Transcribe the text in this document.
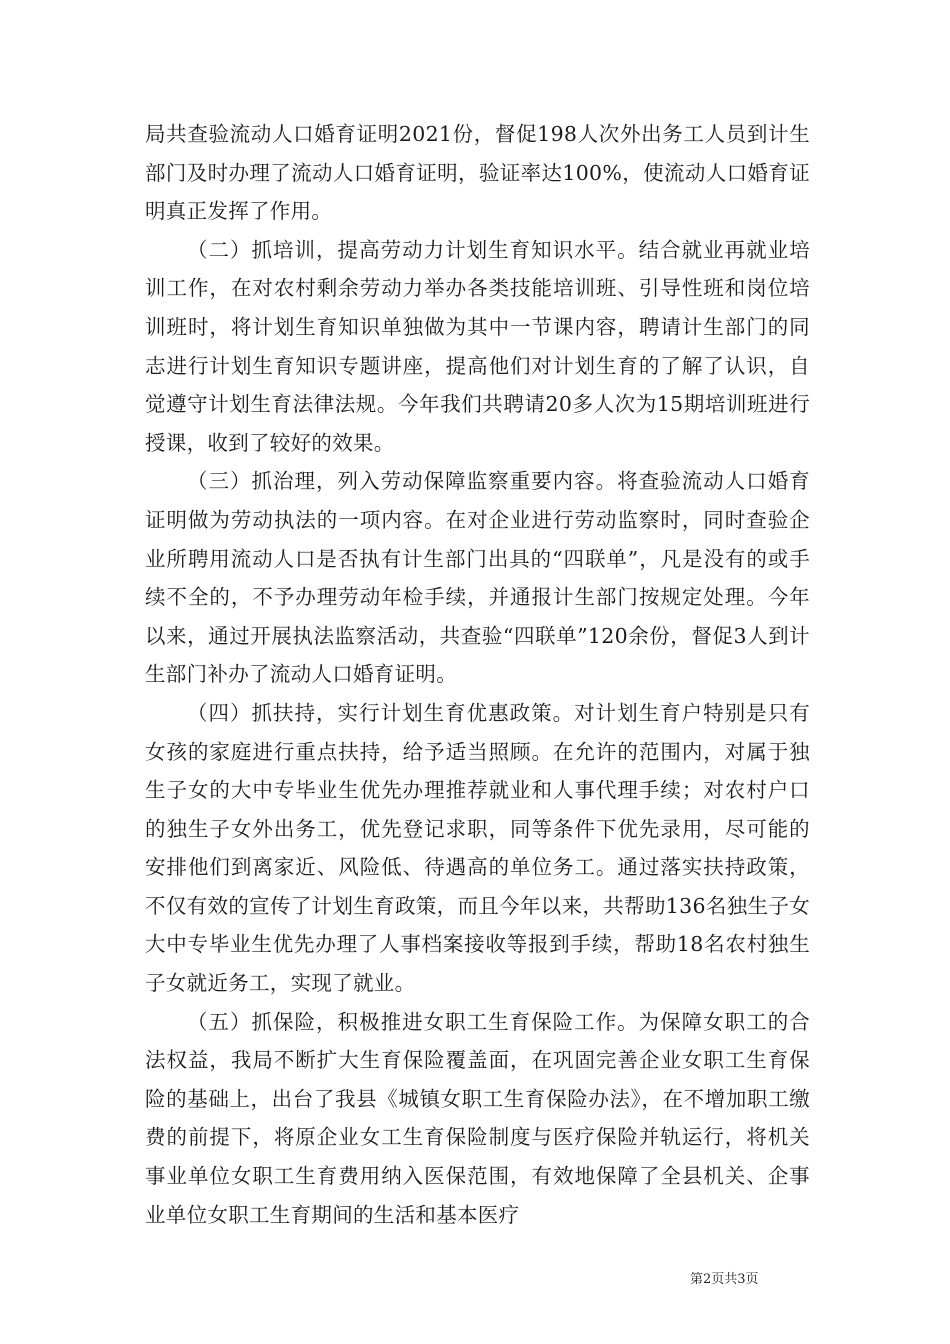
局共查验流动人口婚育证明2021份，督促198人次外出务工人员到计生部门及时办理了流动人口婚育证明，验证率达100%，使流动人口婚育证明真正发挥了作用。

（二）抓培训，提高劳动力计划生育知识水平。结合就业再就业培训工作，在对农村剩余劳动力举办各类技能培训班、引导性班和岗位培训班时，将计划生育知识单独做为其中一节课内容，聘请计生部门的同志进行计划生育知识专题讲座，提高他们对计划生育的了解了认识，自觉遵守计划生育法律法规。今年我们共聘请20多人次为15期培训班进行授课，收到了较好的效果。

（三）抓治理，列入劳动保障监察重要内容。将查验流动人口婚育证明做为劳动执法的一项内容。在对企业进行劳动监察时，同时查验企业所聘用流动人口是否执有计生部门出具的“四联单”，凡是没有的或手续不全的，不予办理劳动年检手续，并通报计生部门按规定处理。今年以来，通过开展执法监察活动，共查验“四联单”120余份，督促3人到计生部门补办了流动人口婚育证明。

（四）抓扶持，实行计划生育优惠政策。对计划生育户特别是只有女孩的家庭进行重点扶持，给予适当照顾。在允许的范围内，对属于独生子女的大中专毕业生优先办理推荐就业和人事代理手续；对农村户口的独生子女外出务工，优先登记求职，同等条件下优先录用，尽可能的安排他们到离家近、风险低、待遇高的单位务工。通过落实扶持政策，不仅有效的宣传了计划生育政策，而且今年以来，共帮助136名独生子女大中专毕业生优先办理了人事档案接收等报到手续，帮助18名农村独生子女就近务工，实现了就业。

（五）抓保险，积极推进女职工生育保险工作。为保障女职工的合法权益，我局不断扩大生育保险覆盖面，在巩固完善企业女职工生育保险的基础上，出台了我县《城镇女职工生育保险办法》，在不增加职工缴费的前提下，将原企业女工生育保险制度与医疗保险并轨运行，将机关事业单位女职工生育费用纳入医保范围，有效地保障了全县机关、企事业单位女职工生育期间的生活和基本医疗

第2页共3页
